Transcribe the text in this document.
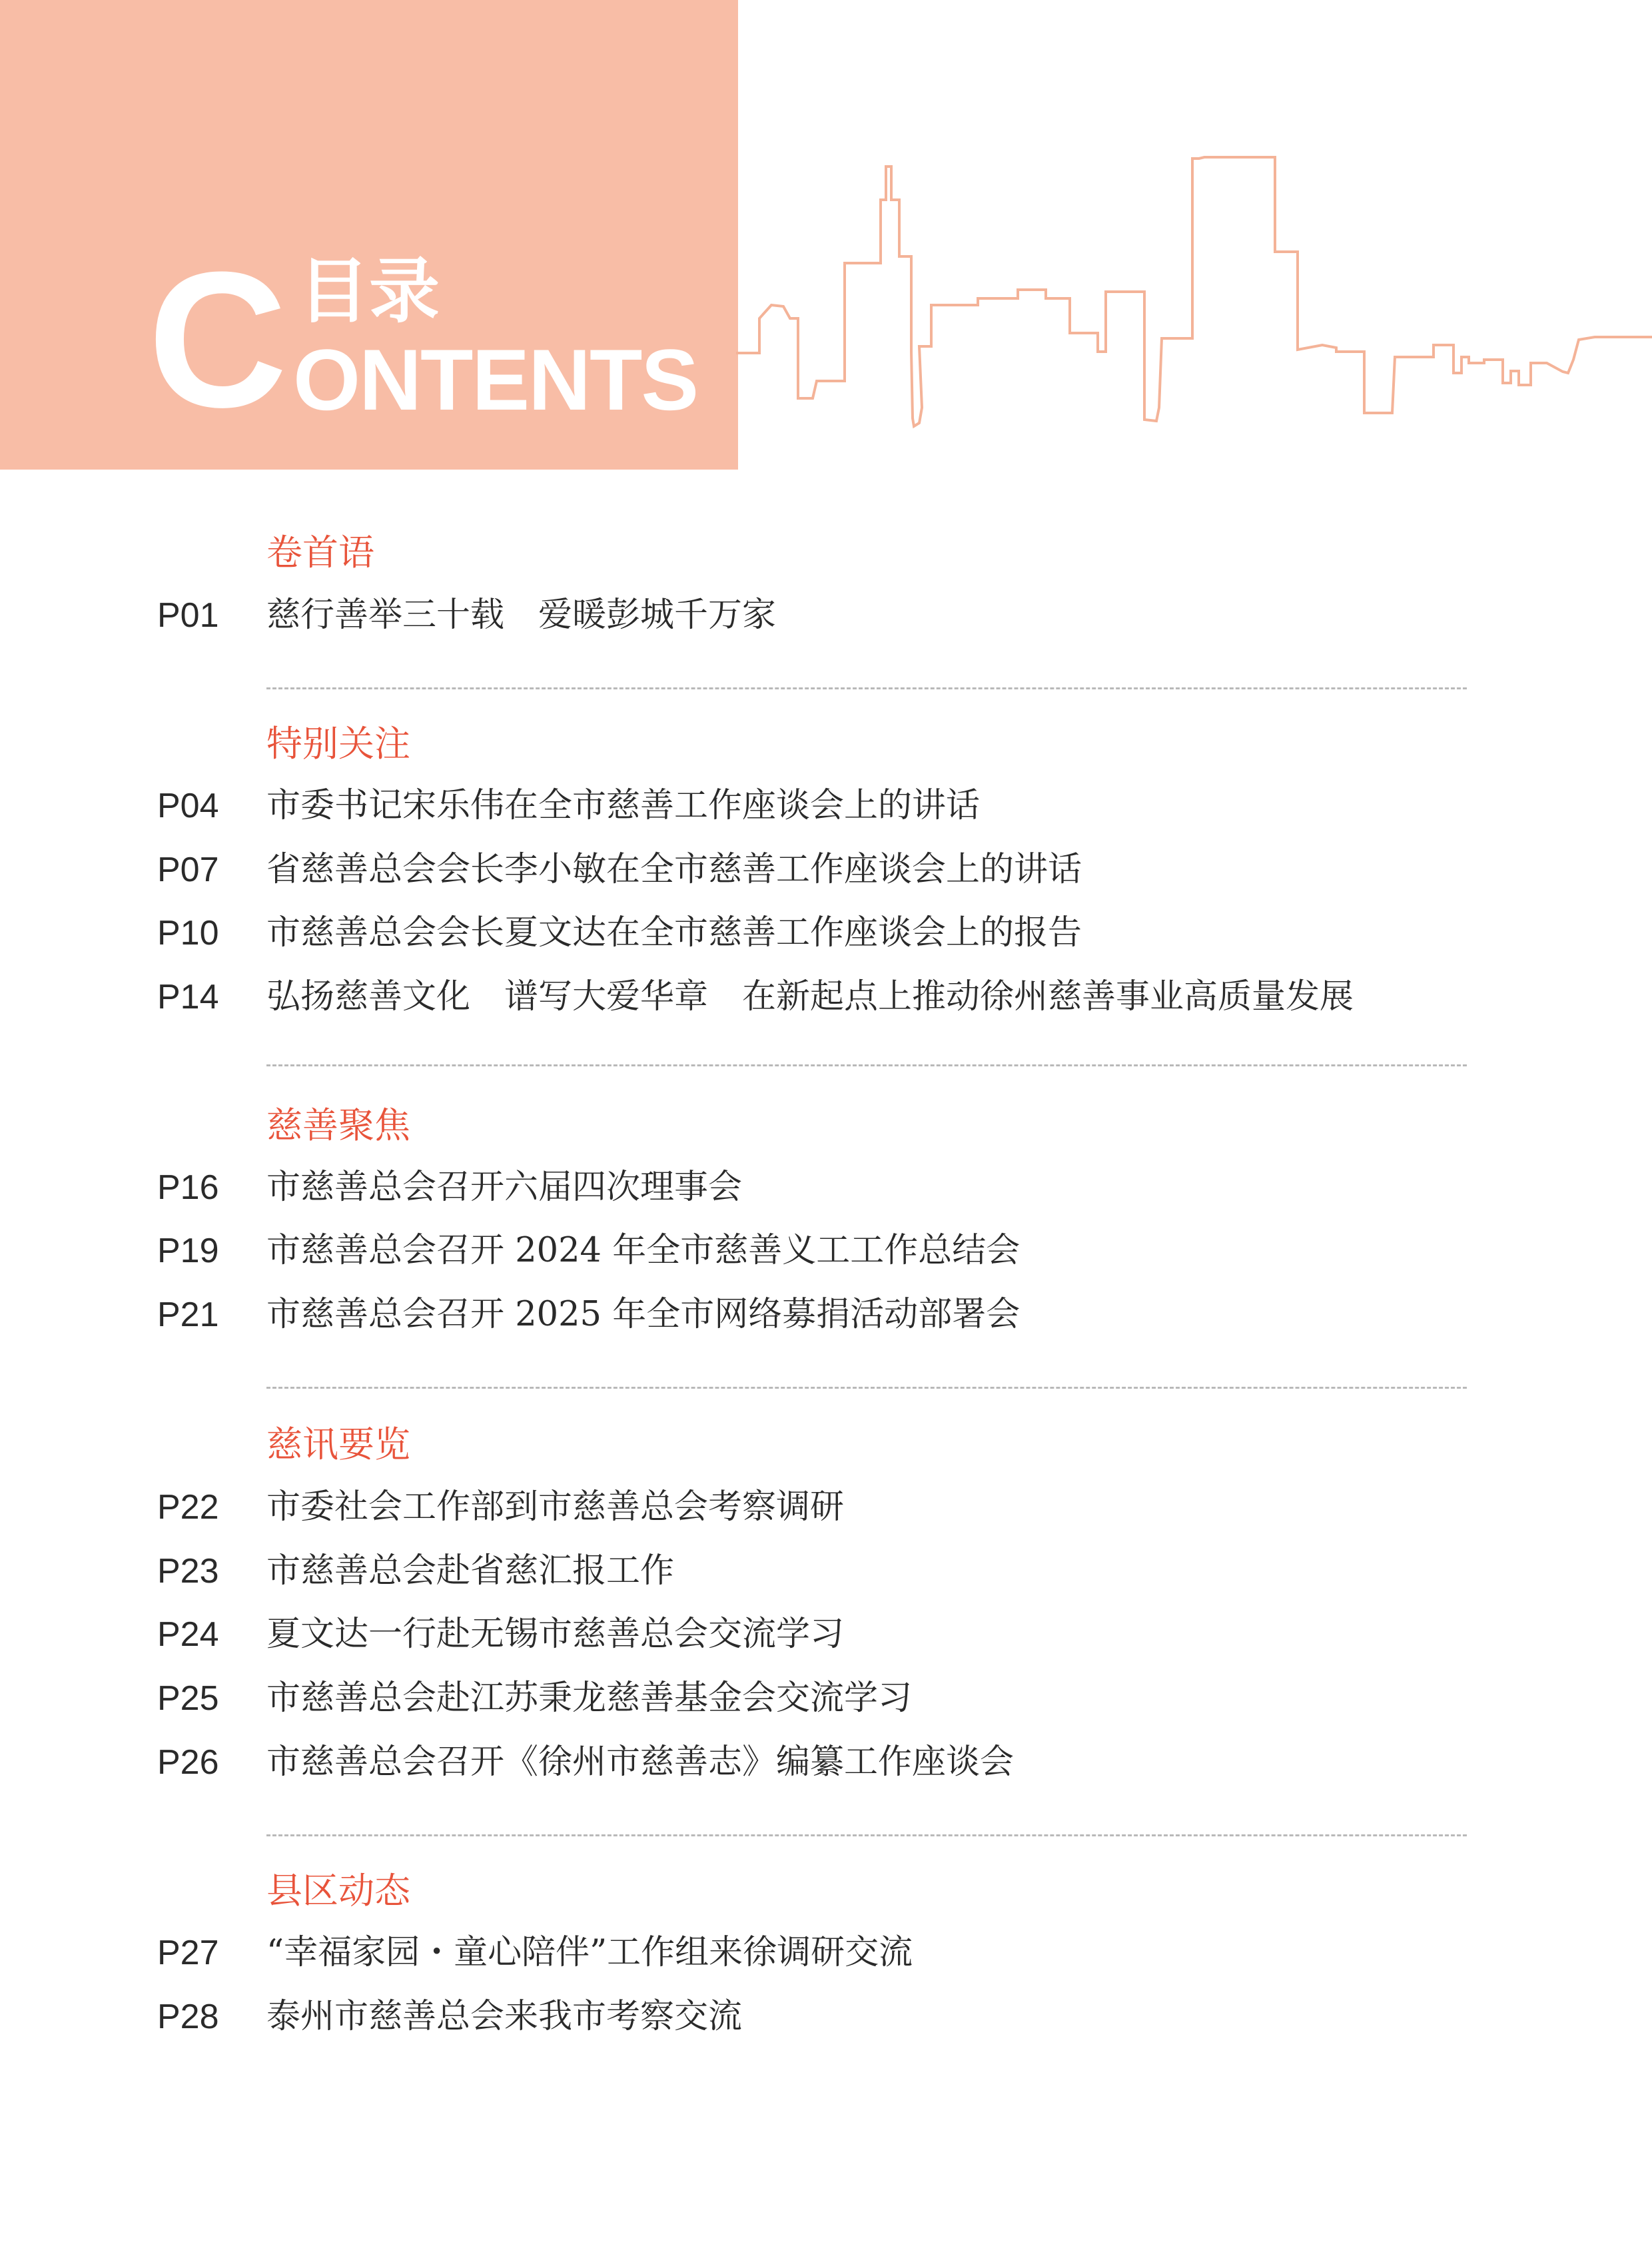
C 目录
ONTENTS
卷首语
P01 慈行善举三十载　爱暖彭城千万家
特别关注
P04 市委书记宋乐伟在全市慈善工作座谈会上的讲话
P07 省慈善总会会长李小敏在全市慈善工作座谈会上的讲话
P10 市慈善总会会长夏文达在全市慈善工作座谈会上的报告
P14 弘扬慈善文化　谱写大爱华章　在新起点上推动徐州慈善事业高质量发展
慈善聚焦
P16 市慈善总会召开六届四次理事会
P19 市慈善总会召开 2024 年全市慈善义工工作总结会
P21 市慈善总会召开 2025 年全市网络募捐活动部署会
慈讯要览
P22 市委社会工作部到市慈善总会考察调研
P23 市慈善总会赴省慈汇报工作
P24 夏文达一行赴无锡市慈善总会交流学习
P25 市慈善总会赴江苏秉龙慈善基金会交流学习
P26 市慈善总会召开《徐州市慈善志》编纂工作座谈会
县区动态
P27 “幸福家园・童心陪伴”工作组来徐调研交流
P28 泰州市慈善总会来我市考察交流
